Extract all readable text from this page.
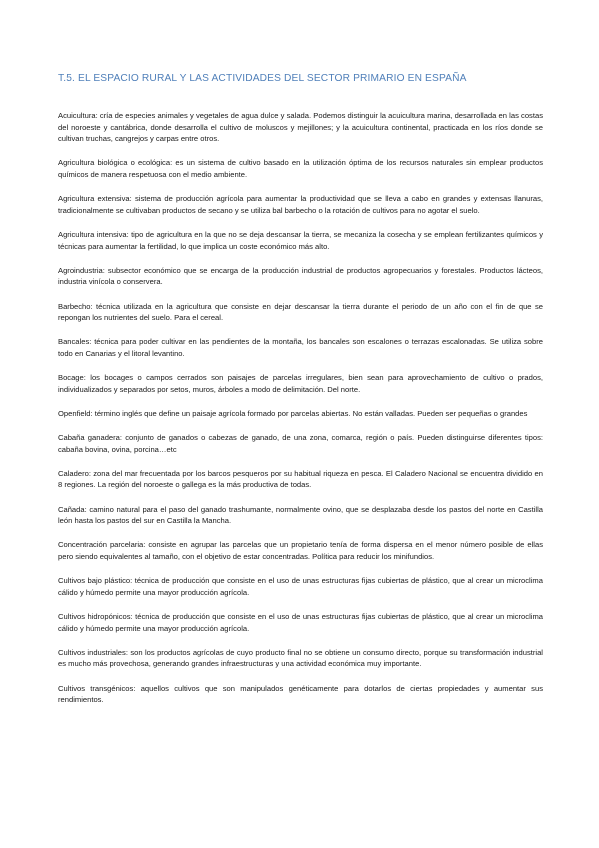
T.5. EL ESPACIO RURAL Y LAS ACTIVIDADES DEL SECTOR PRIMARIO EN ESPAÑA

Acuicultura: cría de especies animales y vegetales de agua dulce y salada. Podemos distinguir la acuicultura marina, desarrollada en las costas del noroeste y cantábrica, donde desarrolla el cultivo de moluscos y mejillones; y la acuicultura continental, practicada en los ríos donde se cultivan truchas, cangrejos y carpas entre otros.

Agricultura biológica o ecológica: es un sistema de cultivo basado en la utilización óptima de los recursos naturales sin emplear productos químicos de manera respetuosa con el medio ambiente.

Agricultura extensiva: sistema de producción agrícola para aumentar la productividad que se lleva a cabo en grandes y extensas llanuras, tradicionalmente se cultivaban productos de secano y se utiliza bal barbecho o la rotación de cultivos para no agotar el suelo.

Agricultura intensiva: tipo de agricultura en la que no se deja descansar la tierra, se mecaniza la cosecha y se emplean fertilizantes químicos y técnicas para aumentar la fertilidad, lo que implica un coste económico más alto.

Agroindustria: subsector económico que se encarga de la producción industrial de productos agropecuarios y forestales. Productos lácteos, industria vinícola o conservera.

Barbecho: técnica utilizada en la agricultura que consiste en dejar descansar la tierra durante el periodo de un año con el fin de que se repongan los nutrientes del suelo. Para el cereal.

Bancales: técnica para poder cultivar en las pendientes de la montaña, los bancales son escalones o terrazas escalonadas. Se utiliza sobre todo en Canarias y el litoral levantino.

Bocage: los bocages o campos cerrados son paisajes de parcelas irregulares, bien sean para aprovechamiento de cultivo o prados, individualizados y separados por setos, muros, árboles a modo de delimitación. Del norte.

Openfield: término inglés que define un paisaje agrícola formado por parcelas abiertas. No están valladas. Pueden ser pequeñas o grandes

Cabaña ganadera: conjunto de ganados o cabezas de ganado, de una zona, comarca, región o país. Pueden distinguirse diferentes tipos: cabaña bovina, ovina, porcina…etc

Caladero: zona del mar frecuentada por los barcos pesqueros por su habitual riqueza en pesca. El Caladero Nacional se encuentra dividido en 8 regiones. La región del noroeste o gallega es la más productiva de todas.

Cañada: camino natural para el paso del ganado trashumante, normalmente ovino, que se desplazaba desde los pastos del norte en Castilla león hasta los pastos del sur en Castilla la Mancha.

Concentración parcelaria: consiste en agrupar las parcelas que un propietario tenía de forma dispersa en el menor número posible de ellas pero siendo equivalentes al tamaño, con el objetivo de estar concentradas. Política para reducir los minifundios.

Cultivos bajo plástico: técnica de producción que consiste en el uso de unas estructuras fijas cubiertas de plástico, que al crear un microclima cálido y húmedo permite una mayor producción agrícola.

Cultivos hidropónicos: técnica de producción que consiste en el uso de unas estructuras fijas cubiertas de plástico, que al crear un microclima cálido y húmedo permite una mayor producción agrícola.

Cultivos industriales: son los productos agrícolas de cuyo producto final no se obtiene un consumo directo, porque su transformación industrial es mucho más provechosa, generando grandes infraestructuras y una actividad económica muy importante.

Cultivos transgénicos: aquellos cultivos que son manipulados genéticamente para dotarlos de ciertas propiedades y aumentar sus rendimientos.
